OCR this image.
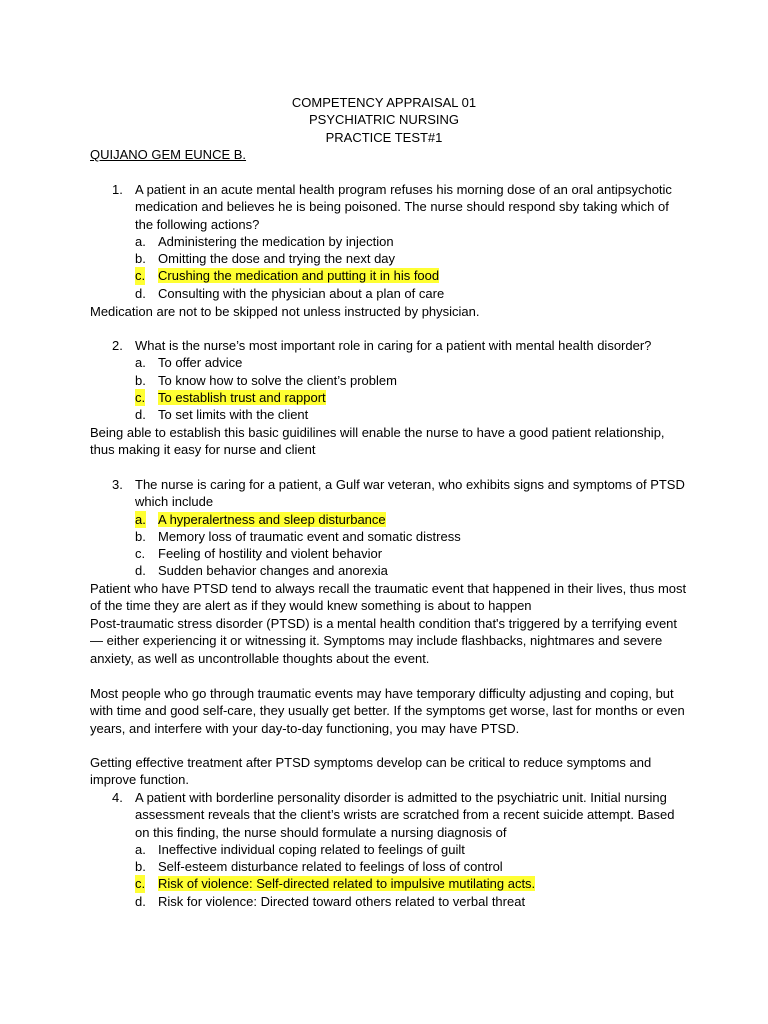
COMPETENCY APPRAISAL 01
PSYCHIATRIC NURSING
PRACTICE TEST#1
QUIJANO GEM EUNCE B.
1. A patient in an acute mental health program refuses his morning dose of an oral antipsychotic medication and believes he is being poisoned. The nurse should respond sby taking which of the following actions?
a. Administering the medication by injection
b. Omitting the dose and trying the next day
c. Crushing the medication and putting it in his food
d. Consulting with the physician about a plan of care
Medication are not to be skipped not unless instructed by physician.
2. What is the nurse’s most important role in caring for a patient with mental health disorder?
a. To offer advice
b. To know how to solve the client’s problem
c. To establish trust and rapport
d. To set limits with the client
Being able to establish this basic guidilines will enable the nurse to have a good patient relationship, thus making it easy for nurse and client
3. The nurse is caring for a patient, a Gulf war veteran, who exhibits signs and symptoms of PTSD which include
a. A hyperalertness and sleep disturbance
b. Memory loss of traumatic event and somatic distress
c. Feeling of hostility and violent behavior
d. Sudden behavior changes and anorexia
Patient who have PTSD tend to always recall the traumatic event that happened in their lives, thus most of the time they are alert as if they would knew something is about to happen
Post-traumatic stress disorder (PTSD) is a mental health condition that's triggered by a terrifying event — either experiencing it or witnessing it. Symptoms may include flashbacks, nightmares and severe anxiety, as well as uncontrollable thoughts about the event.
Most people who go through traumatic events may have temporary difficulty adjusting and coping, but with time and good self-care, they usually get better. If the symptoms get worse, last for months or even years, and interfere with your day-to-day functioning, you may have PTSD.
Getting effective treatment after PTSD symptoms develop can be critical to reduce symptoms and improve function.
4. A patient with borderline personality disorder is admitted to the psychiatric unit. Initial nursing assessment reveals that the client’s wrists are scratched from a recent suicide attempt. Based on this finding, the nurse should formulate a nursing diagnosis of
a. Ineffective individual coping related to feelings of guilt
b. Self-esteem disturbance related to feelings of loss of control
c. Risk of violence: Self-directed related to impulsive mutilating acts.
d. Risk for violence: Directed toward others related to verbal threat
